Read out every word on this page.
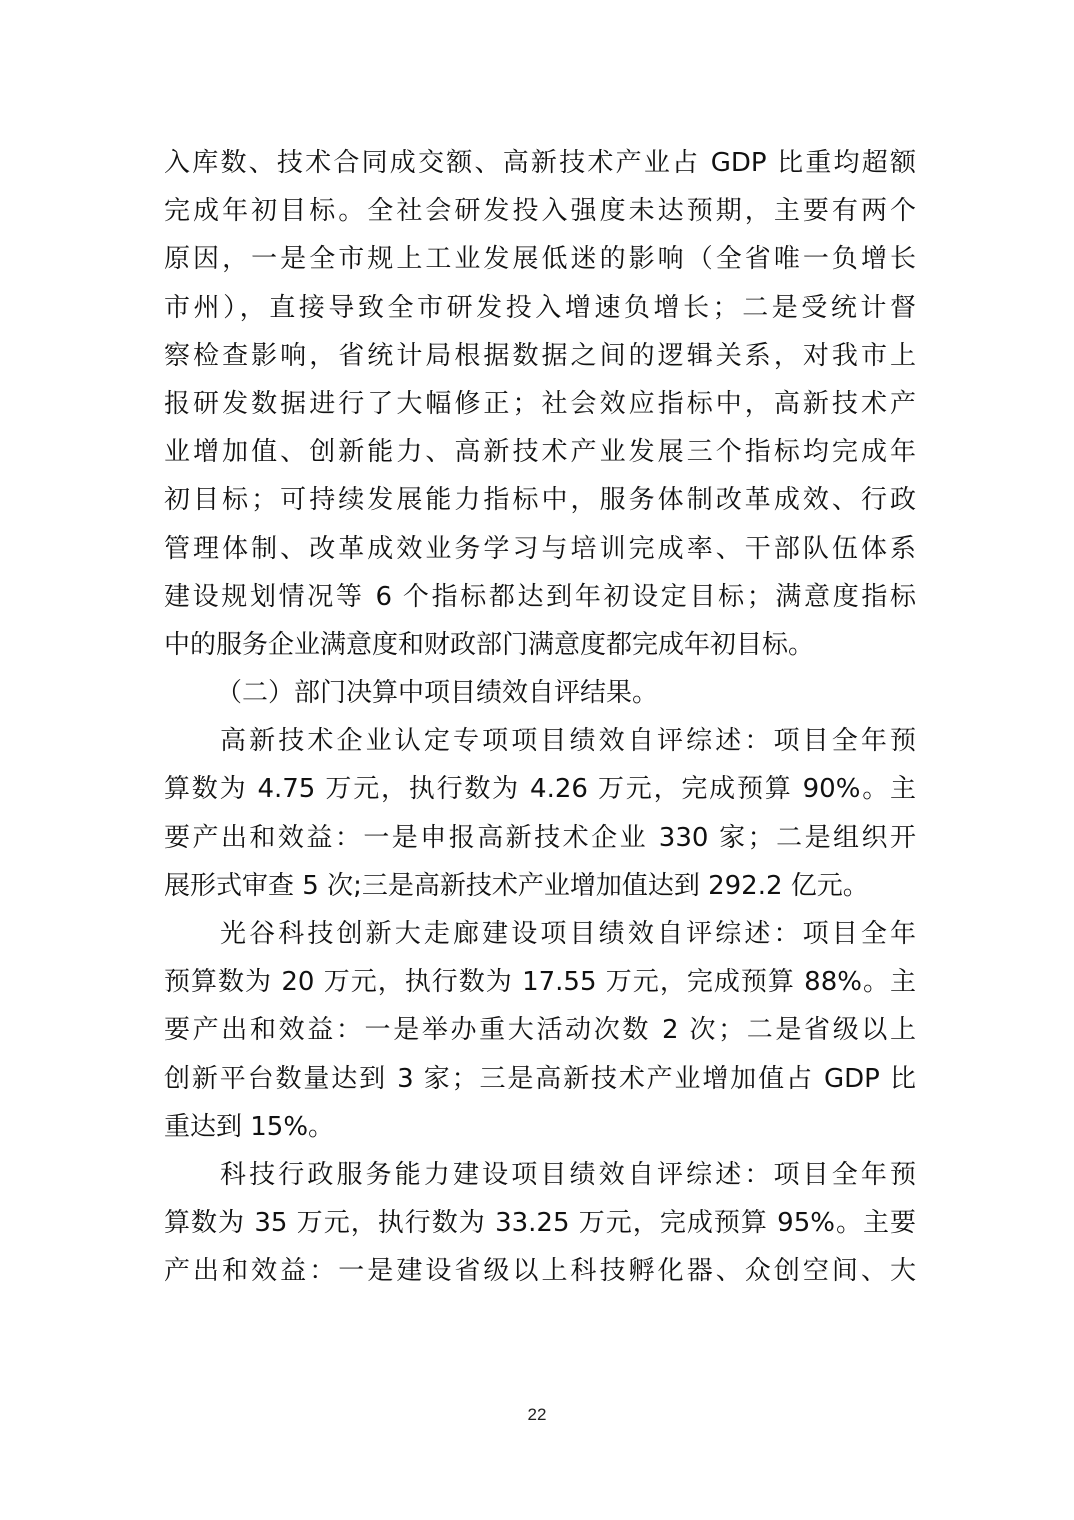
入库数、技术合同成交额、高新技术产业占 GDP 比重均超额
完成年初目标。全社会研发投入强度未达预期，主要有两个
原因，一是全市规上工业发展低迷的影响（全省唯一负增长
市州），直接导致全市研发投入增速负增长；二是受统计督
察检查影响，省统计局根据数据之间的逻辑关系，对我市上
报研发数据进行了大幅修正；社会效应指标中，高新技术产
业增加值、创新能力、高新技术产业发展三个指标均完成年
初目标；可持续发展能力指标中，服务体制改革成效、行政
管理体制、改革成效业务学习与培训完成率、干部队伍体系
建设规划情况等 6 个指标都达到年初设定目标；满意度指标
中的服务企业满意度和财政部门满意度都完成年初目标。
（二）部门决算中项目绩效自评结果。
高新技术企业认定专项项目绩效自评综述：项目全年预
算数为 4.75 万元，执行数为 4.26 万元，完成预算 90%。主
要产出和效益：一是申报高新技术企业 330 家；二是组织开
展形式审查 5 次;三是高新技术产业增加值达到 292.2 亿元。
光谷科技创新大走廊建设项目绩效自评综述：项目全年
预算数为 20 万元，执行数为 17.55 万元，完成预算 88%。主
要产出和效益：一是举办重大活动次数 2 次；二是省级以上
创新平台数量达到 3 家；三是高新技术产业增加值占 GDP 比
重达到 15%。
科技行政服务能力建设项目绩效自评综述：项目全年预
算数为 35 万元，执行数为 33.25 万元，完成预算 95%。主要
产出和效益：一是建设省级以上科技孵化器、众创空间、大
22
